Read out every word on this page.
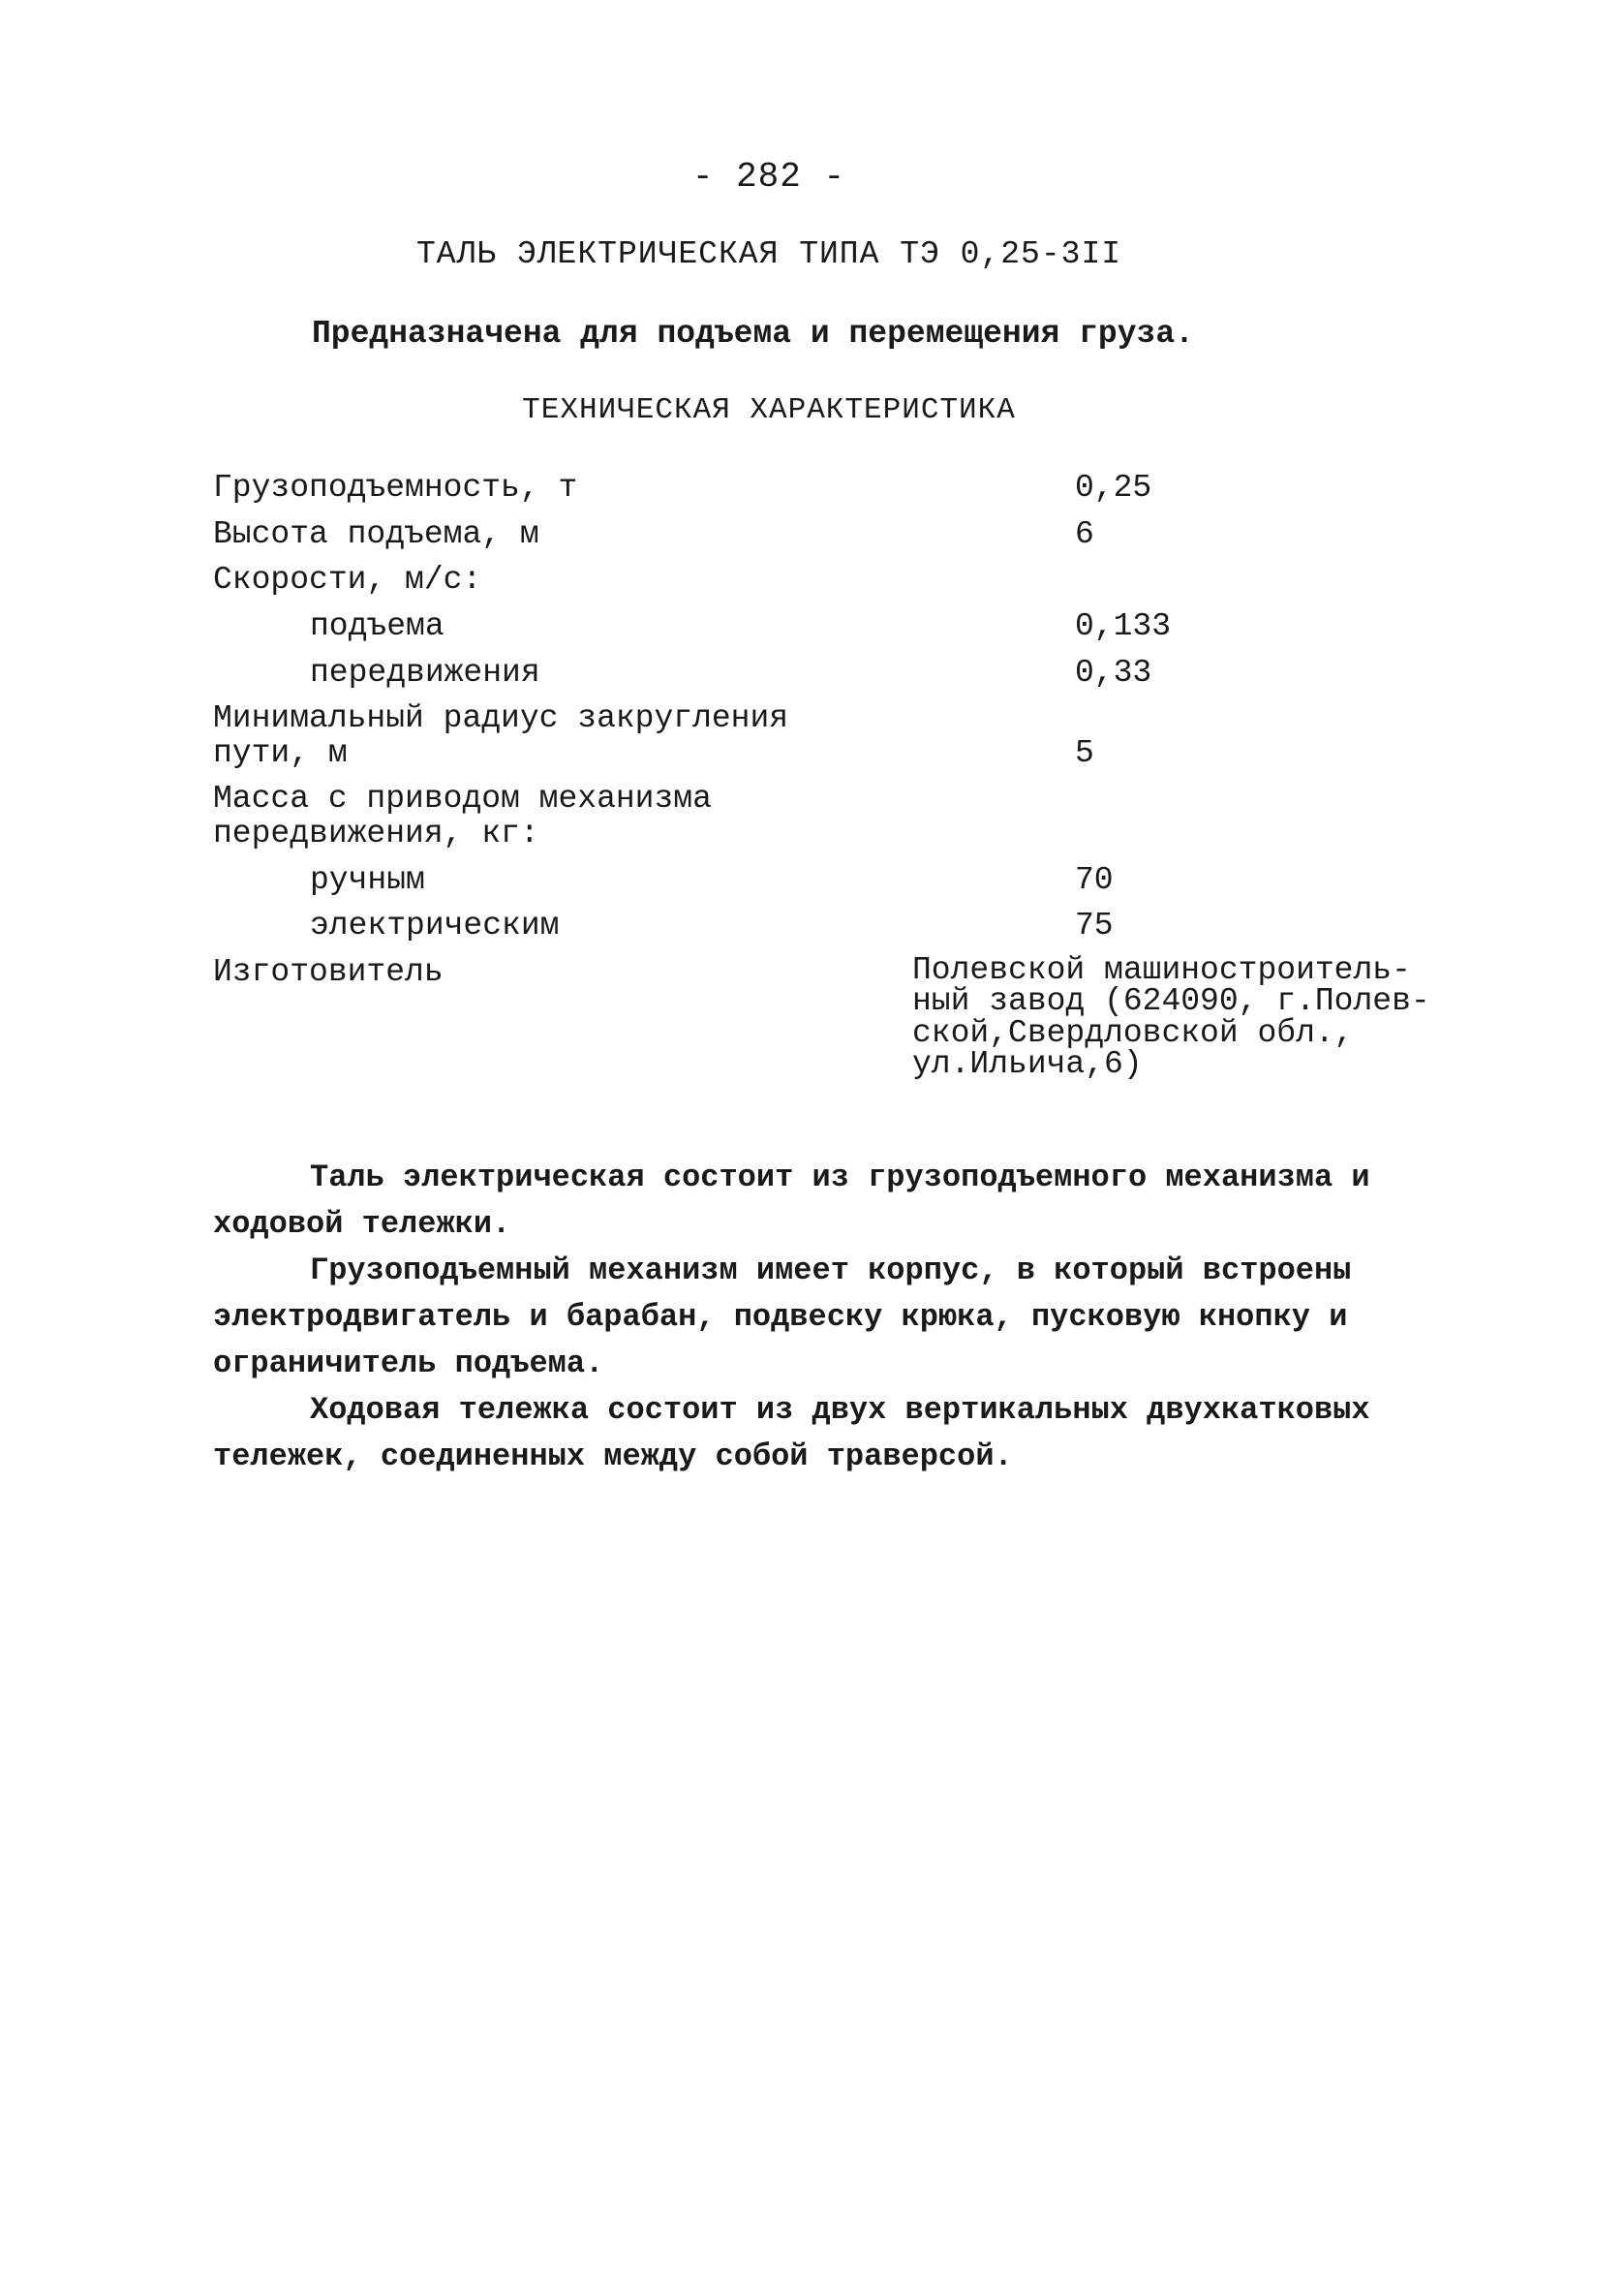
- 282 -
ТАЛЬ ЭЛЕКТРИЧЕСКАЯ ТИПА ТЭ 0,25-3II
Предназначена для подъема и перемещения груза.
ТЕХНИЧЕСКАЯ ХАРАКТЕРИСТИКА
Грузоподъемность, т	0,25
Высота подъема, м	6
Скорости, м/с:
подъема	0,133
передвижения	0,33
Минимальный радиус закругления пути, м	5
Масса с приводом механизма передвижения, кг:
ручным	70
электрическим	75
Изготовитель	Полевской машиностроитель-
ный завод (624090, г.Полев-
ской,Свердловской обл.,
ул.Ильича,6)

Таль электрическая состоит из грузоподъемного механизма и ходовой тележки.

Грузоподъемный механизм имеет корпус, в который встроены электродвигатель и барабан, подвеску крюка, пусковую кнопку и ограничитель подъема.

Ходовая тележка состоит из двух вертикальных двухкатковых тележек, соединенных между собой траверсой.
